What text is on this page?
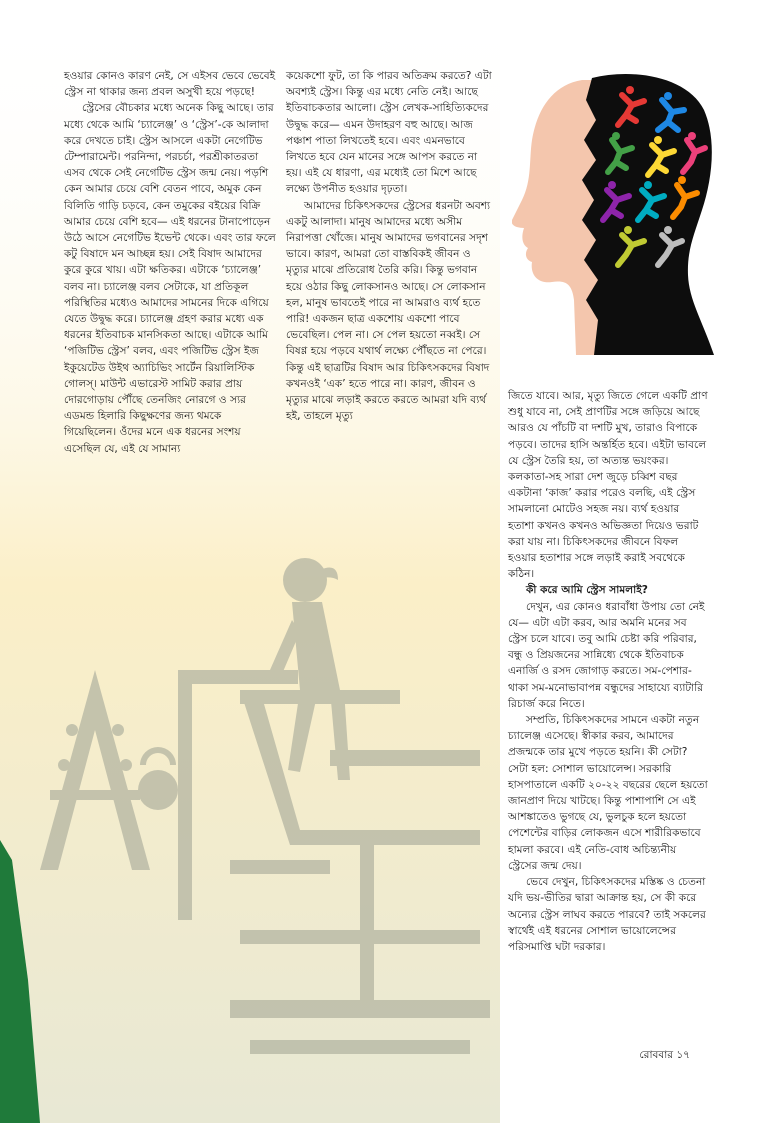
হওয়ার কোনও কারণ নেই, সে এইসব ভেবে ভেবেই স্ট্রেস না থাকার জন্য প্রবল অসুখী হয়ে পড়ছে!

স্ট্রেসের বৌচকার মধ্যে অনেক কিছু আছে। তার মধ্যে থেকে আমি ‘চ্যালেঞ্জ’ ও ‘স্ট্রেস’-কে আলাদা করে দেখতে চাই। স্ট্রেস আসলে একটা নেগেটিভ টেম্পারামেন্ট। পরনিন্দা, পরচর্চা, পরশ্রীকাতরতা এসব থেকে সেই নেগেটিভ স্ট্রেস জন্ম নেয়। পড়শি কেন আমার চেয়ে বেশি বেতন পাবে, অমুক কেন বিলিতি গাড়ি চড়বে, কেন তমুকের বইয়ের বিক্রি আমার চেয়ে বেশি হবে— এই ধরনের টানাপোড়েন উঠে আসে নেগেটিভ ইভেন্ট থেকে। এবং তার ফলে কটু বিষাদে মন আচ্ছন্ন হয়। সেই বিষাদ আমাদের কুরে কুরে খায়। এটা ক্ষতিকর। এটাকে ‘চ্যালেঞ্জ’ বলব না। চ্যালেঞ্জ বলব সেটাকে, যা প্রতিকূল পরিস্থিতির মধ্যেও আমাদের সামনের দিকে এগিয়ে যেতে উদ্বুদ্ধ করে। চ্যালেঞ্জ গ্রহণ করার মধ্যে এক ধরনের ইতিবাচক মানসিকতা আছে। এটাকে আমি ‘পজিটিভ স্ট্রেস’ বলব, এবং পজিটিভ স্ট্রেস ইজ ইকুয়েটেড উইথ অ্যাচিভিং সার্টেন রিয়ালিস্টিক গোলস্‌। মাউন্ট এভারেস্ট সামিট করার প্রায় দোরগোড়ায় পৌঁছে তেনজিং নোরগে ও স্যর এডমন্ড হিলারি কিছুক্ষণের জন্য থমকে গিয়েছিলেন। ওঁদের মনে এক ধরনের সংশয় এসেছিল যে, এই যে সামান্য

কয়েকশো ফুট, তা কি পারব অতিক্রম করতে? এটা অবশ্যই স্ট্রেস। কিন্তু এর মধ্যে নেতি নেই। আছে ইতিবাচকতার আলো। স্ট্রেস লেখক-সাহিত্যিকদের উদ্বুদ্ধ করে— এমন উদাহরণ বহু আছে। আজ পঞ্চাশ পাতা লিখতেই হবে। এবং এমনভাবে লিখতে হবে যেন মানের সঙ্গে আপস করতে না হয়। এই যে ধারণা, এর মধ্যেই তো মিশে আছে লক্ষ্যে উপনীত হওয়ার দৃঢ়তা।

আমাদের চিকিৎসকদের স্ট্রেসের ধরনটা অবশ্য একটু আলাদা। মানুষ আমাদের মধ্যে অসীম নিরাপত্তা খোঁজে। মানুষ আমাদের ভগবানের সদৃশ ভাবে। কারণ, আমরা তো বাস্তবিকই জীবন ও মৃত্যুর মাঝে প্রতিরোধ তৈরি করি। কিন্তু ভগবান হয়ে ওঠার কিছু লোকসানও আছে। সে লোকসান হল, মানুষ ভাবতেই পারে না আমরাও ব্যর্থ হতে পারি! একজন ছাত্র একশোয় একশো পাবে ভেবেছিল। পেল না। সে পেল হয়তো নব্বই। সে বিষণ্ণ হয়ে পড়বে যথার্থ লক্ষ্যে পৌঁছতে না পেরে। কিন্তু এই ছাত্রটির বিষাদ আর চিকিৎসকদের বিষাদ কখনওই ‘এক’ হতে পারে না। কারণ, জীবন ও মৃত্যুর মাঝে লড়াই করতে করতে আমরা যদি ব্যর্থ হই, তাহলে মৃত্যু

জিতে যাবে। আর, মৃত্যু জিতে গেলে একটি প্রাণ শুধু যাবে না, সেই প্রাণটির সঙ্গে জড়িয়ে আছে আরও যে পাঁচটি বা দশটি মুখ, তারাও বিপাকে পড়বে। তাদের হাসি অন্তর্হিত হবে। এইটা ভাবলে যে স্ট্রেস তৈরি হয়, তা অত্যন্ত ভয়ংকর। কলকাতা-সহ সারা দেশ জুড়ে চব্বিশ বছর একটানা ‘কাজ’ করার পরেও বলছি, এই স্ট্রেস সামলানো মোটেও সহজ নয়। ব্যর্থ হওয়ার হতাশা কখনও কখনও অভিজ্ঞতা দিয়েও ভরাট করা যায় না। চিকিৎসকদের জীবনে বিফল হওয়ার হতাশার সঙ্গে লড়াই করাই সবথেকে কঠিন।

কী করে আমি স্ট্রেস সামলাই?

দেখুন, এর কোনও ধরাবাঁধা উপায় তো নেই যে— এটা এটা করব, আর অমনি মনের সব স্ট্রেস চলে যাবে। তবু আমি চেষ্টা করি পরিবার, বন্ধু ও প্রিয়জনের সান্নিধ্যে থেকে ইতিবাচক এনার্জি ও রসদ জোগাড় করতে। সম-পেশার-থাকা সম-মনোভাবাপন্ন বন্ধুদের সাহায্যে ব্যাটারি রিচার্জ করে নিতে।

সম্প্রতি, চিকিৎসকদের সামনে একটা নতুন চ্যালেঞ্জ এসেছে। স্বীকার করব, আমাদের প্রজন্মকে তার মুখে পড়তে হয়নি। কী সেটা? সেটা হল: সোশাল ভায়োলেন্স। সরকারি হাসপাতালে একটি ২০-২২ বছরের ছেলে হয়তো জানপ্রাণ দিয়ে খাটছে। কিন্তু পাশাপাশি সে এই আশঙ্কাতেও ভুগছে যে, ভুলচুক হলে হয়তো পেশেন্টের বাড়ির লোকজন এসে শারীরিকভাবে হামলা করবে। এই নেতি-বোধ অচিন্ত্যনীয় স্ট্রেসের জন্ম দেয়।

ভেবে দেখুন, চিকিৎসকদের মস্তিষ্ক ও চেতনা যদি ভয়-ভীতির দ্বারা আক্রান্ত হয়, সে কী করে অন্যের স্ট্রেস লাঘব করতে পারবে? তাই সকলের স্বার্থেই এই ধরনের সোশাল ভায়োলেন্সের পরিসমাপ্তি ঘটা দরকার।

রোববার ১৭
